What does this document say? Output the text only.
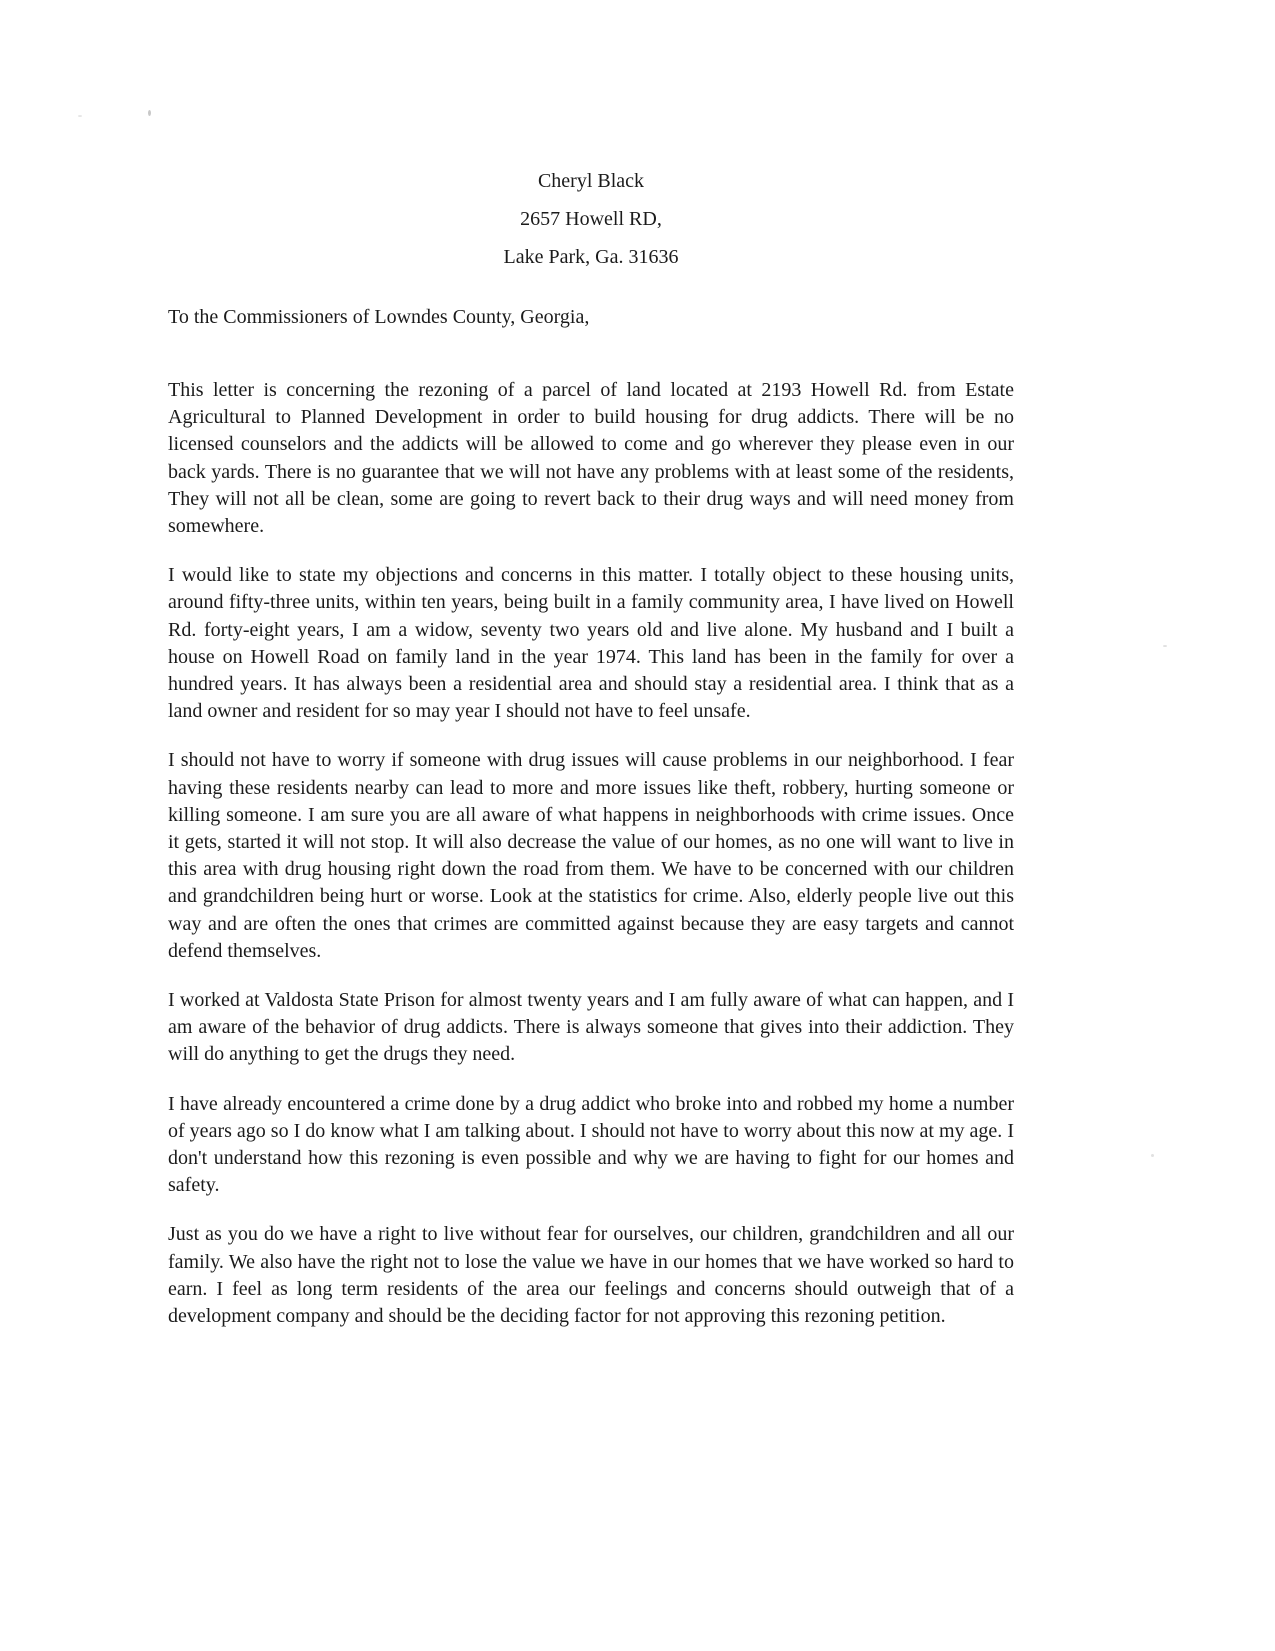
Cheryl Black
2657 Howell RD,
Lake Park, Ga. 31636
To the Commissioners of Lowndes County, Georgia,

This letter is concerning the rezoning of a parcel of land located at 2193 Howell Rd. from Estate Agricultural to Planned Development in order to build housing for drug addicts. There will be no licensed counselors and the addicts will be allowed to come and go wherever they please even in our back yards. There is no guarantee that we will not have any problems with at least some of the residents, They will not all be clean, some are going to revert back to their drug ways and will need money from somewhere.

I would like to state my objections and concerns in this matter. I totally object to these housing units, around fifty-three units, within ten years, being built in a family community area, I have lived on Howell Rd. forty-eight years, I am a widow, seventy two years old and live alone. My husband and I built a house on Howell Road on family land in the year 1974. This land has been in the family for over a hundred years. It has always been a residential area and should stay a residential area. I think that as a land owner and resident for so may year I should not have to feel unsafe.

I should not have to worry if someone with drug issues will cause problems in our neighborhood. I fear having these residents nearby can lead to more and more issues like theft, robbery, hurting someone or killing someone. I am sure you are all aware of what happens in neighborhoods with crime issues. Once it gets, started it will not stop. It will also decrease the value of our homes, as no one will want to live in this area with drug housing right down the road from them. We have to be concerned with our children and grandchildren being hurt or worse. Look at the statistics for crime. Also, elderly people live out this way and are often the ones that crimes are committed against because they are easy targets and cannot defend themselves.

I worked at Valdosta State Prison for almost twenty years and I am fully aware of what can happen, and I am aware of the behavior of drug addicts. There is always someone that gives into their addiction. They will do anything to get the drugs they need.

I have already encountered a crime done by a drug addict who broke into and robbed my home a number of years ago so I do know what I am talking about. I should not have to worry about this now at my age. I don't understand how this rezoning is even possible and why we are having to fight for our homes and safety.

Just as you do we have a right to live without fear for ourselves, our children, grandchildren and all our family. We also have the right not to lose the value we have in our homes that we have worked so hard to earn. I feel as long term residents of the area our feelings and concerns should outweigh that of a development company and should be the deciding factor for not approving this rezoning petition.
